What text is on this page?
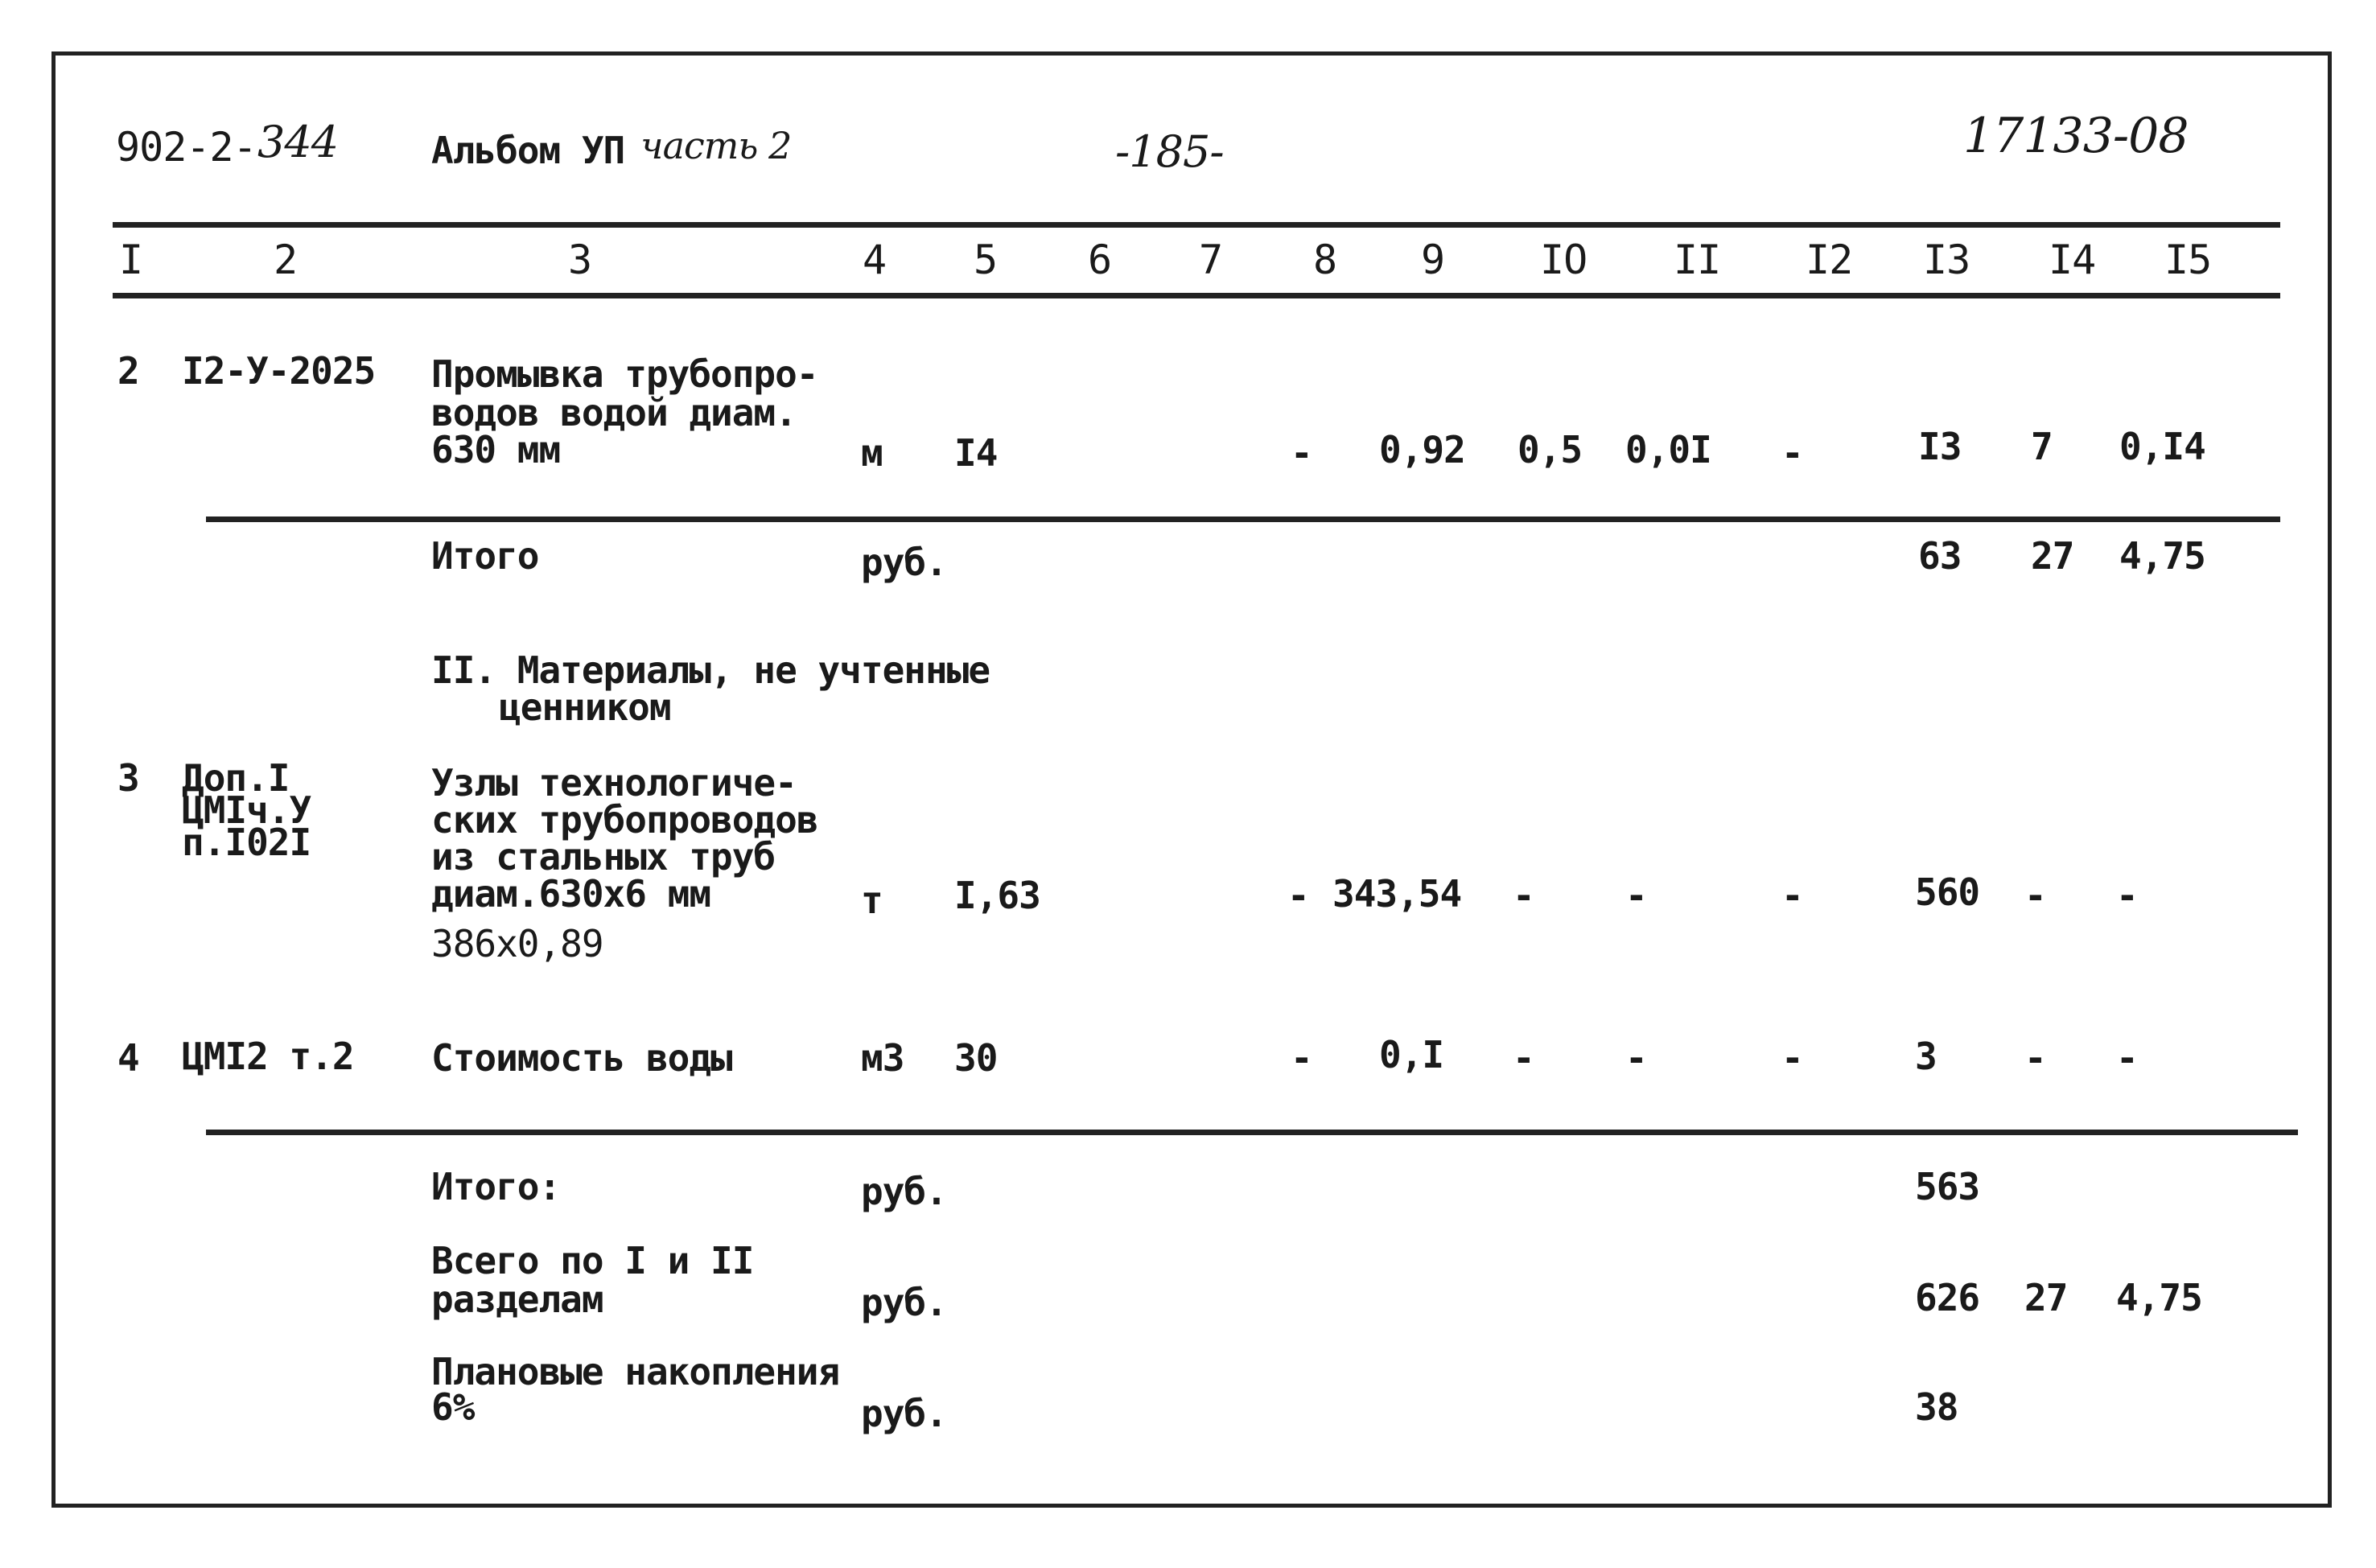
902-2- 344	Альбом УП часть 2	-185-	17133-08
I	2	3	4 5 6 7 8 9 IO II I2 I3 I4 I5
2 I2-У-2025 Промывка трубопро-
водов водой диам.
630 мм	м I4	- 0,92 0,5 0,0I -	I3 7 0,I4
Итого	руб.	63 27 4,75
II. Материалы, не учтенные
ценником
3 Доп.I
ЦМIч.У
п.I02I
Узлы технологиче-
ских трубопроводов
из стальных труб
диам.630х6 мм
386х0,89
т I,63	- 343,54 - -	-	560 - -
4 ЦМI2 т.2 Стоимость воды	м3 30	- 0,I - -	-	3 - -
Итого:	руб.	563
Всего по I и II
разделам	руб.	626 27 4,75
Плановые накопления
6%	руб.	38
